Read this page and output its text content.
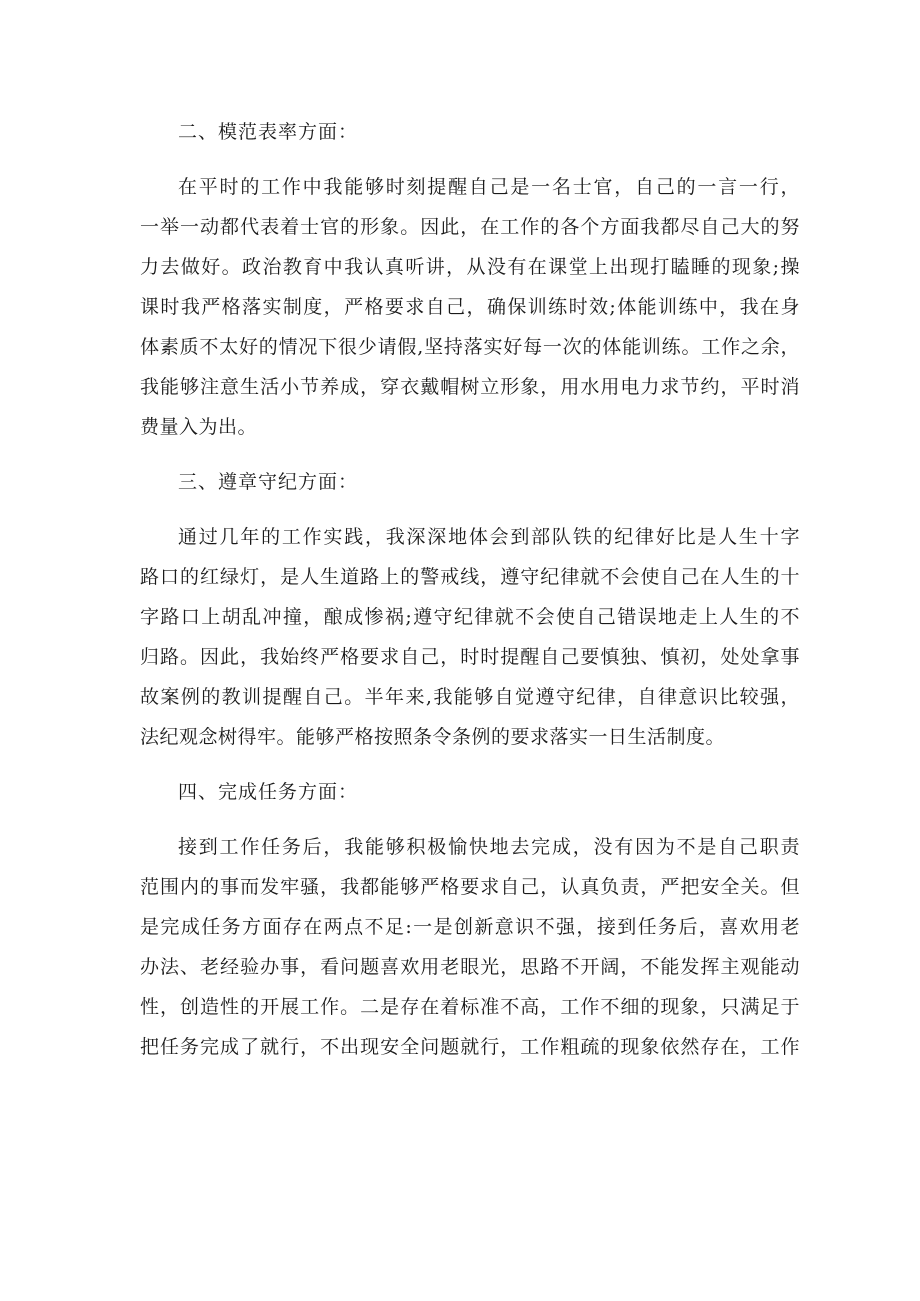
二、模范表率方面：
在平时的工作中我能够时刻提醒自己是一名士官，自己的一言一行，
一举一动都代表着士官的形象。因此，在工作的各个方面我都尽自己大的努
力去做好。政治教育中我认真听讲，从没有在课堂上出现打瞌睡的现象;操
课时我严格落实制度，严格要求自己，确保训练时效;体能训练中，我在身
体素质不太好的情况下很少请假,坚持落实好每一次的体能训练。工作之余，
我能够注意生活小节养成，穿衣戴帽树立形象，用水用电力求节约，平时消
费量入为出。
三、遵章守纪方面：
通过几年的工作实践，我深深地体会到部队铁的纪律好比是人生十字
路口的红绿灯，是人生道路上的警戒线，遵守纪律就不会使自己在人生的十
字路口上胡乱冲撞，酿成惨祸;遵守纪律就不会使自己错误地走上人生的不
归路。因此，我始终严格要求自己，时时提醒自己要慎独、慎初，处处拿事
故案例的教训提醒自己。半年来,我能够自觉遵守纪律，自律意识比较强，
法纪观念树得牢。能够严格按照条令条例的要求落实一日生活制度。
四、完成任务方面：
接到工作任务后，我能够积极愉快地去完成，没有因为不是自己职责
范围内的事而发牢骚，我都能够严格要求自己，认真负责，严把安全关。但
是完成任务方面存在两点不足:一是创新意识不强，接到任务后，喜欢用老
办法、老经验办事，看问题喜欢用老眼光，思路不开阔，不能发挥主观能动
性，创造性的开展工作。二是存在着标准不高，工作不细的现象，只满足于
把任务完成了就行，不出现安全问题就行，工作粗疏的现象依然存在，工作
